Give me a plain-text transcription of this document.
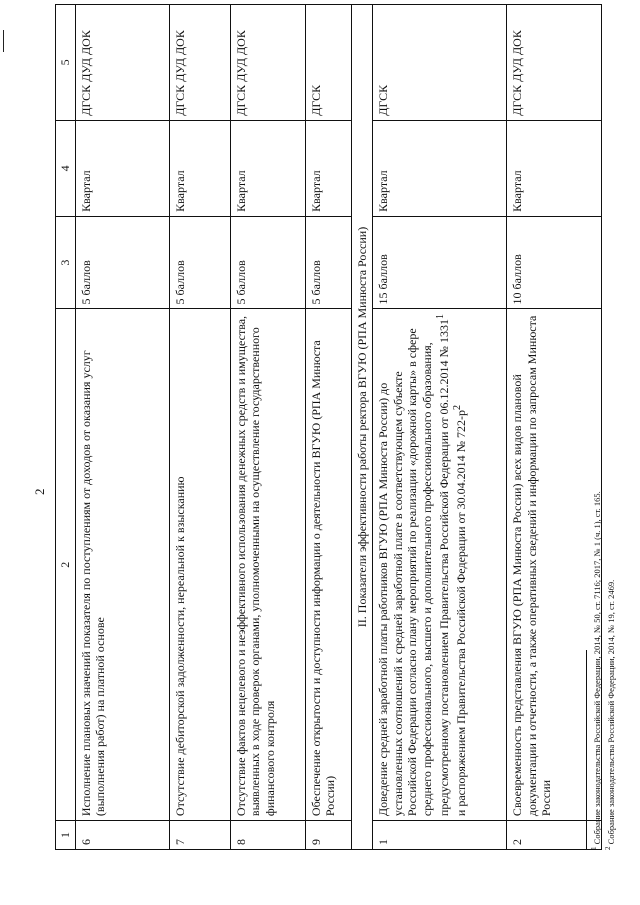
2
1	2	3	4	5
6	Исполнение плановых значений показателя по поступлениям от доходов от оказания услуг (выполнения работ) на платной основе	5 баллов	Квартал	ДГСК ДУД ДОК
7	Отсутствие дебиторской задолженности, нереальной к взысканию	5 баллов	Квартал	ДГСК ДУД ДОК
8	Отсутствие фактов нецелевого и неэффективного использования денежных средств и имущества, выявленных в ходе проверок органами, уполномоченными на осуществление государственного финансового контроля	5 баллов	Квартал	ДГСК ДУД ДОК
9	Обеспечение открытости и доступности информации о деятельности ВГУЮ (РПА Минюста России)	5 баллов	Квартал	ДГСК
II. Показатели эффективности работы ректора ВГУЮ (РПА Минюста России)				
1	Доведение средней заработной платы работников ВГУЮ (РПА Минюста России) до установленных соотношений к средней заработной плате в соответствующем субъекте Российской Федерации согласно плану мероприятий по реализации «дорожной карты» в сфере среднего профессионального, высшего и дополнительного профессионального образования, предусмотренному постановлением Правительства Российской Федерации от 06.12.2014 № 1331$^1$ и распоряжением Правительства Российской Федерации от 30.04.2014 № $722-р^2$	15 баллов	Квартал	ДГСК
2	Своевременность представления ВГУЮ (РПА Минюста России) всех видов плановой документации и отчетности, а также оперативных сведений и информации по запросам Минюста России	10 баллов	Квартал	ДГСК ДУД ДОК
$^1$ Собрание законодательства Российской Федерации, 2014, № 50, ст. 7116; 2017, № 1 (ч. 1), ст. 165.
$^2$ Собрание законодательства Российской Федерации, 2014, № 19, ст. 2469.
